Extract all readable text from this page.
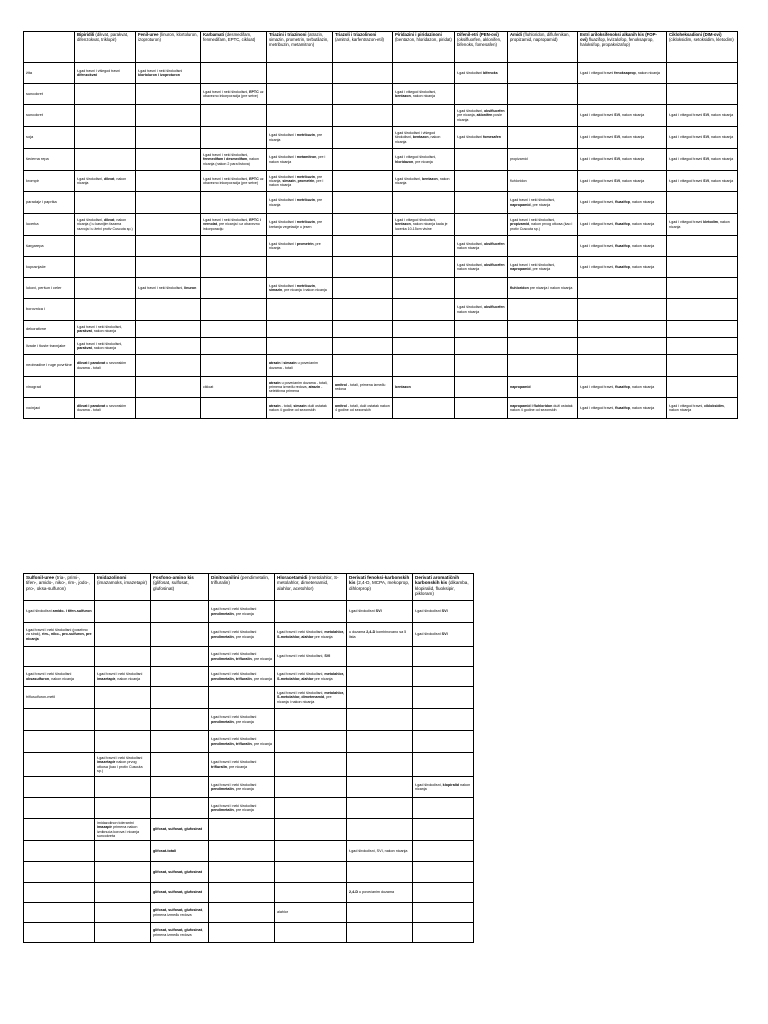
	Bipiridili (dikvat, parakvat, difenzokvat, triklopir)	Fenil-uree (linuron, klortoluron, izoproturon)	Karbamati (desmedifam, fenmedifam, EPTC, cikloat)	Triazini i triazinoni (atrazin, simazin, prometrin, terbutilazin, metribuzin, metamitron)	Triazoli i triazolinoni (amitrol, karfentrazon-etil)	Piridazini i piridazinoni (bentazon, hloridazon, piridat)	Difenil-etri (PEN-ovi) (oksifluorfen, aklonifen, bifenoks, fomesafen)	Amidi (fluhloridon, diflufenikan, propizamid, napropamid)	Estri ariloksifenoksi alkanih kis (FOP-ovi) fluazifop, kvizalofop, fenoksaprop, haloksifop, propakvizafop)	Cikloheksadioni (DIM-ovi) (cikloksidim, setoksidim, kletodim)
žita	t-gad travni i višegod travni difenzokvat	t-gad travni i neki širokolisni klortoluron i izoproturon					t-gad širokolisni bifenoks		t-gad i višegod travni fenoksaprop, nakon nicanja	
suncokret			t-gad travni i neki širokolisni, EPTC uz obavezno inkorporacija (pre setve)			t-gad i višegod širokolisni, bentazon, nakon nicanja				
suncokret							t-gad širokolisni, oksifluorfen pre nicanja, aklonifen posle nicanja		t-gad i višegod travni SVI, nakon nicanja	t-gad i višegod travni SVI, nakon nicanja
soja				t-gad širokolisni i metribuzin, pre nicanja		t-gad širokolisni i višegod širokolisni, bentazon, nakon nicanja	t-gad širokolisni fomesafen		t-gad i višegod travni SVI, nakon nicanja	t-gad i višegod travni SVI, nakon nicanja
šećerna repa			t-gad travni i neki širokolisni, fenmedifam i desmedifam, nakon nicanja (nakon 2 para listova)	t-gad širokolisni i metamitron, pre i nakon nicanja		t-gad i višegod širokolisni, hloridazon, pre nicanja		propizamid	t-gad i višegod travni SVI, nakon nicanja	t-gad i višegod travni SVI, nakon nicanja
krompir	t-gad širokolisni, dikvat, nakon nicanja		t-gad travni i neki širokolisni, EPTC uz obavezno inkorporacija (pre setve)	t-gad širokolisni i metribuzin, pre nicanja, simazin, prometrin, pre i nakon nicanja		t-gad širokolisni, bentazon, nakon nicanja		fluhloridon	t-gad i višegod travni SVI, nakon nicanja	t-gad i višegod travni SVI, nakon nicanja
paradajz i paprika				t-gad širokolisni i metribuzin, pre nicanja				t-gad travni i neki širokolisni, napropamid, pre nicanja	t-gad i višegod travni, fluazifop, nakon nicanja	
lucerka	t-gad širokolisni, dikvat, nakon nicanja (i u kasnijim fazama razvoja i u žetvi protiv Cuscuta sp.)		t-gad travni i neki širokolisni, EPTC i vernolat, pre nicanja i uz obavezno inkorporaciju	t-gad širokolisni i metribuzin, pre kretanja vegetacije u jesen		t-gad i višegod širokolisni, bentazon, nakon nicanja kada je lucerka 10-15cm visine		t-gad travni i neki širokolisni, propizamid, nakon prvog otkosa (kao i protiv Cuscuta sp.)	t-gad i višegod travni, fluazifop, nakon nicanja	t-gad i višegod travni kletodim, nakon nicanja
šargarepa				t-gad širokolisni i prometrin, pre nicanja			t-gad širokolisni, oksifluorfen nakon nicanja		t-gad i višegod travni, fluazifop, nakon nicanja	
kupusnjače							t-gad širokolisni, oksifluorfen nakon nicanja	t-gad travni i neki širokolisni, napropamid, pre nicanja	t-gad i višegod travni, fluazifop, nakon nicanja	
lukovi, peršun i celer		t-gad travni i neki širokolisni, linuron		t-gad širokolisni i metribuzin, simazin, pre nicanja i nakon nicanja				fluhloridon pre nicanja i nakon nicanja		
borovnica i							t-gad širokolisni, oksifluorfen nakon nicanja			
dekorativne	t-gad travni i neki širokolisni, parakvat, nakon nicanja									
livade i tluste travnjake	t-gad travni i neki širokolisni, parakvat, nakon nicanja									
neobradive i ruge površine	dikvat i parakvat u sezonskim dozama - totali			atrazin i simazin u povećanim dozama - totali						
vinograd			cikloat	atrazin u povećanim dozama - totali, primena između redova, atrazin - selektivna primena	amitrol - totali, primena između redova	bentazon		napropamid	t-gad i višegod travni, fluazifop, nakon nicanja	
voćnjaci	dikvat i parakvat u sezonskim dozama - totali			atrazin - totali, simazin duži ostatak nakon 4 godine od sezonskih	amitrol - totali, duži ostatak nakon 4 godine od sezonskih			napropamid i fluhloridon duži ostatak nakon 4 godine od sezonskih	t-gad i višegod travni, fluazifop, nakon nicanja	t-gad i višegod travni, cikloksidim, nakon nicanja
Sulfonil-uree (tria-, primi-, tifen-, amido-, niko-, rim-, jodo-, pro-, oksa-sulfuron)	Imidazolinoni (imazamoks, imazetapir)	Fosfono-amino kis (glifosat, sulfosat, glufosinat)	Dinitroanilini (pendimetalin, trifluralin)	Hloracetamidi (metolahlor, S-metolahlor, dimetenamid, alahlor, acetohlor)	Derivati fenoksi-karbonskih kis (2,4-D, MCPA, mekoprop, dihlorprop)	Derivati aromatičnih karbonskih kis (dikamba, klopiralid, fluoksipir, pikloram)
t-gad širokolisni amido- i tifen-sulfuron			t-gad travni i neki širokolisni pendimetalin, pre nicanja		t-gad širokolisni SVI	t-gad širokolisni SVI
t-gad travni i neki širokolisni (posebno za sirak), rim-, niko-, pro-sulfuron, pre nicanja			t-gad travni i neki širokolisni pendimetalin, pre nicanja	t-gad travni i neki širokolisni, metolahlor, S-metolahlor, alahlor pre nicanja	u dozama 2,4-D kombinovano sa 5 lista	t-gad širokolisni SVI
			t-gad travni i neki širokolisni pendimetalin, trifluralin, pre nicanja	t-gad travni i neki širokolisni, SVI		
t-gad travni i neki širokolisni oksasulfuron, nakon nicanja	t-gad travni i neki širokolisni imazetapir, nakon nicanja		t-gad travni i neki širokolisni pendimetalin, trifluralin, pre nicanja	t-gad travni i neki širokolisni, metolahlor, S-metolahlor, alahlor pre nicanja		
triflusulfuron-metil				t-gad travni i neki širokolisni, metolahlor, S-metolahlor, dimetenamid, pre nicanja i nakon nicanja		
			t-gad travni i neki širokolisni pendimetalin, pre nicanja			
			t-gad travni i neki širokolisni pendimetalin, trifluralin, pre nicanja			
	t-gad travni i neki širokolisni imazetapir nakon prvog otkosa (kao i protiv Cuscuta sp.)		t-gad travni i neki širokolisni trifluralin, pre nicanja			
			t-gad travni i neki širokolisni pendimetalin, pre nicanja			t-gad širokolisni, klopiralid nakon nicanja
			t-gad travni i neki širokolisni pendimetalin, pre nicanja			
	imidazolinon tolerantni imazapir primena nakon izniknuća korova i nicanja suncokreta	glifosat, sulfosat, glufosinat				
		glifosat-totali			t-gad širokolisni, SVI, nakon nicanja	
		glifosat, sulfosat, glufosinat				
		glifosat, sulfosat, glufosinat			2,4-D u povećanim dozama	
		glifosat, sulfosat, glufosinat, primena između redova		alahlor		
		glifosat, sulfosat, glufosinat, primena između redova				
